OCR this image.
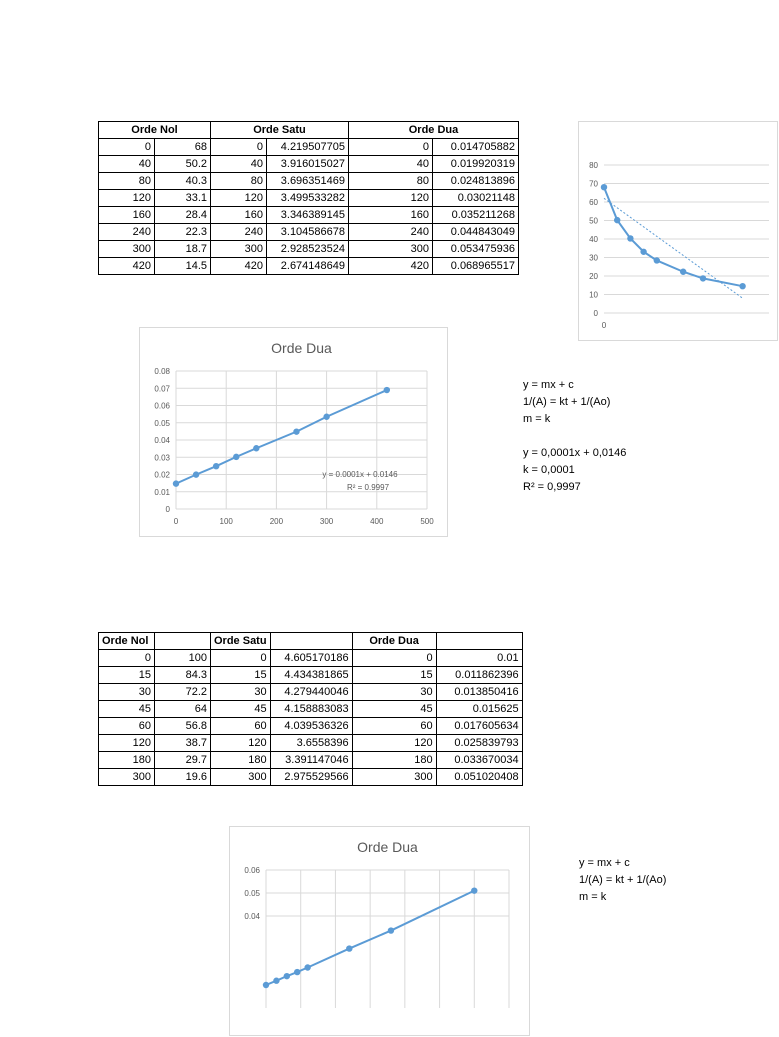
Orde Nol		Orde Satu		Orde Dua	
0	68	0	4.219507705	0	0.014705882
40	50.2	40	3.916015027	40	0.019920319
80	40.3	80	3.696351469	80	0.024813896
120	33.1	120	3.499533282	120	0.03021148
160	28.4	160	3.346389145	160	0.035211268
240	22.3	240	3.104586678	240	0.044843049
300	18.7	300	2.928523524	300	0.053475936
420	14.5	420	2.674148649	420	0.068965517
80
70
60
50
40
30
20
10
0
0
Orde Dua
0.08
0.07
0.06
0.05
0.04
0.03
0.02
0.01
0
0	100	200	300	400	500
y = 0.0001x + 0.0146
R² = 0.9997
y = mx + c
1/(A) = kt + 1/(Ao)
m = k
y = 0,0001x + 0,0146
k = 0,0001
R² = 0,9997
Orde Nol		Orde Satu		Orde Dua	
0	100	0	4.605170186	0	0.01
15	84.3	15	4.434381865	15	0.011862396
30	72.2	30	4.279440046	30	0.013850416
45	64	45	4.158883083	45	0.015625
60	56.8	60	4.039536326	60	0.017605634
120	38.7	120	3.6558396	120	0.025839793
180	29.7	180	3.391147046	180	0.033670034
300	19.6	300	2.975529566	300	0.051020408
Orde Dua
0.06
0.05
0.04
y = mx + c
1/(A) = kt + 1/(Ao)
m = k
